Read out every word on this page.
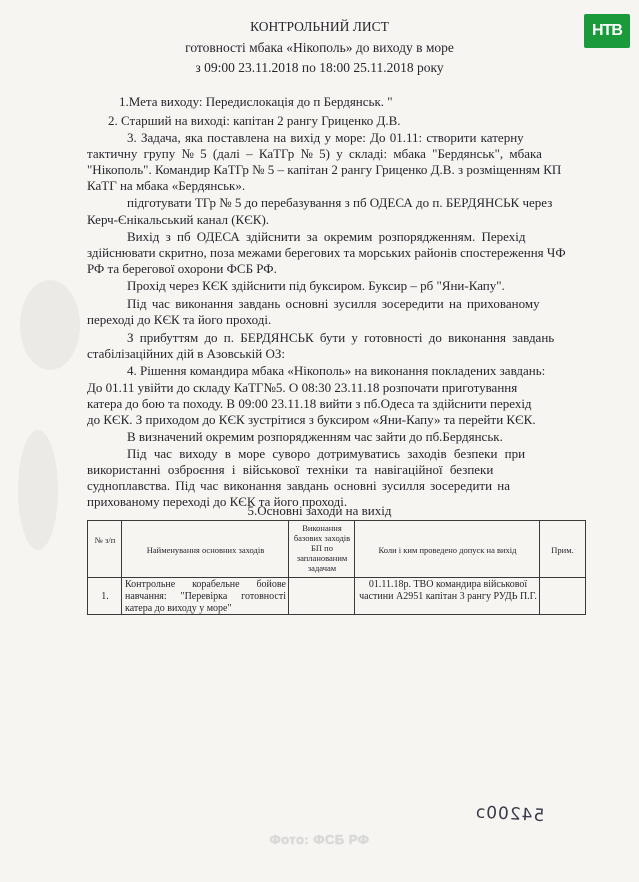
НТВ
КОНТРОЛЬНИЙ ЛИСТ
готовності мбака «Нікополь» до виходу в море
з 09:00 23.11.2018 по 18:00 25.11.2018 року
1.Мета виходу: Передислокація до п Бердянськ. "
2. Старший на виході: капітан 2 рангу Гриценко Д.В.
3. Задача, яка поставлена на вихід у море: До 01.11: створити катерну
тактичну групу № 5 (далі – КаТГр № 5) у складі: мбака "Бердянськ", мбака
"Нікополь". Командир КаТГр № 5 – капітан 2 рангу Гриценко Д.В. з розміщенням КП
КаТГ на мбака «Бердянськ».
підготувати ТГр № 5 до перебазування з пб ОДЕСА до п. БЕРДЯНСЬК через
Керч-Єнікальський канал (КЄК).
Вихід з пб ОДЕСА здійснити за окремим розпорядженням. Перехід
здійснювати скритно, поза межами берегових та морських районів спостереження ЧФ
РФ та берегової охорони ФСБ РФ.
Прохід через КЄК здійснити під буксиром. Буксир – рб "Яни-Капу".
Під час виконання завдань основні зусилля зосередити на прихованому
переході до КЄК та його проході.
З прибуттям до п. БЕРДЯНСЬК бути у готовності до виконання завдань
стабілізаційних дій в Азовській ОЗ:
4. Рішення командира мбака «Нікополь» на виконання покладених завдань:
До 01.11 увійти до складу КаТГ№5. О 08:30 23.11.18 розпочати приготування
катера до бою та походу. В 09:00 23.11.18 вийти з пб.Одеса та здійснити перехід
до КЄК. З приходом до КЄК зустрітися з буксиром «Яни-Капу» та перейти КЄК.
В визначений окремим розпорядженням час зайти до пб.Бердянськ.
Під час виходу в море суворо дотримуватись заходів безпеки при
використанні озброєння і військової техніки та навігаційної безпеки
судноплавства. Під час виконання завдань основні зусилля зосередити на
прихованому переході до КЄК та його проході.
5.Основні заходи на вихід
№ з/п
Найменування основних заходів
Виконання базових заходів БП по запланованим задачам
Коли і ким проведено допуск на вихід	Прим.
1.
Контрольне корабельне бойове навчання: "Перевірка готовності катера до виходу у море"
01.11.18р. ТВО командира військової частини А2951 капітан 3 рангу РУДЬ П.Г.
54200ɔ
Фото: ФСБ РФ
